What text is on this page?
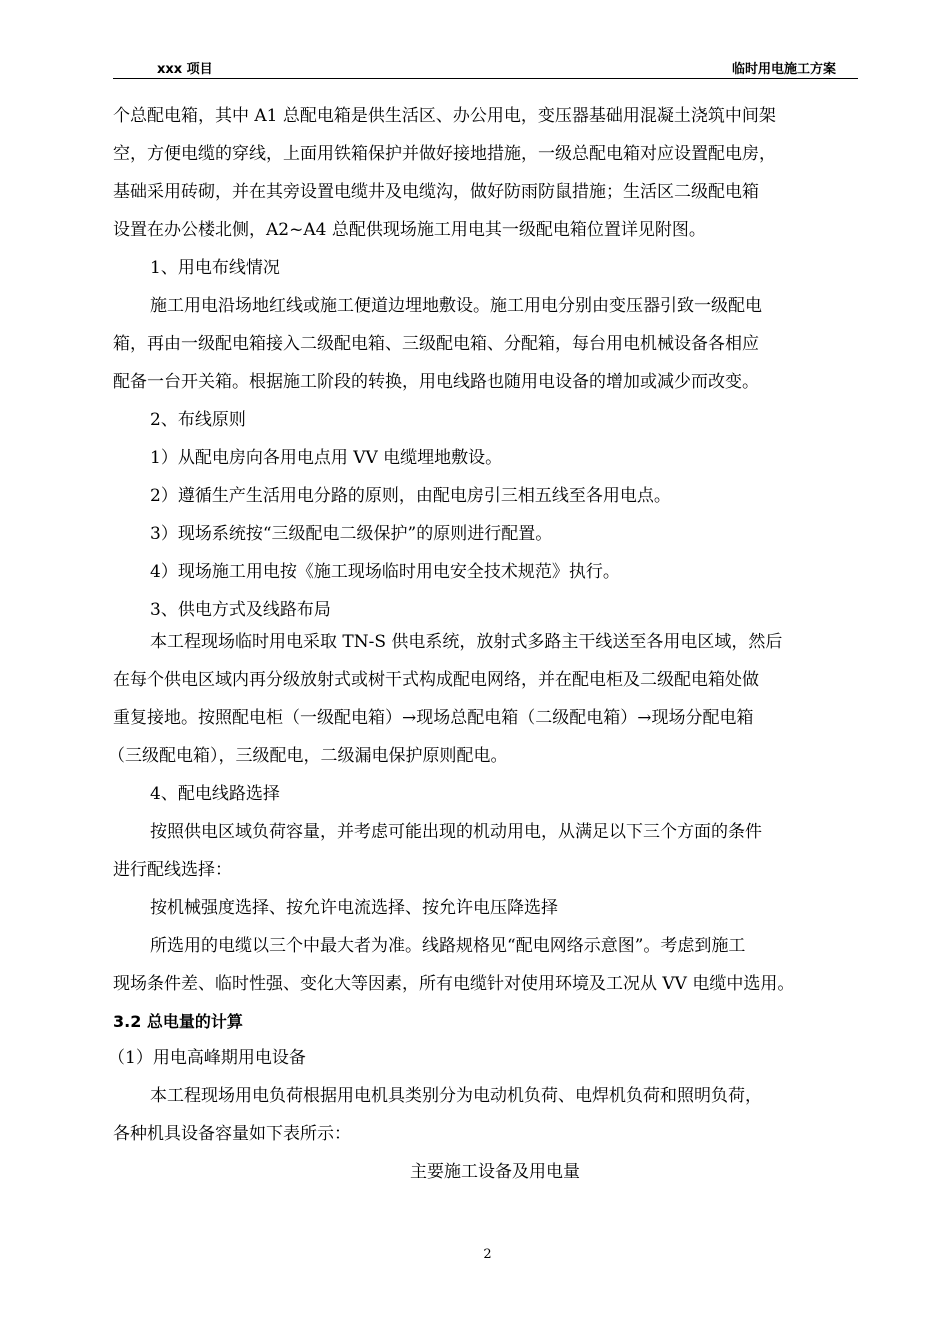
xxx 项目	临时用电施工方案
个总配电箱，其中 A1 总配电箱是供生活区、办公用电，变压器基础用混凝土浇筑中间架
空，方便电缆的穿线，上面用铁箱保护并做好接地措施，一级总配电箱对应设置配电房，
基础采用砖砌，并在其旁设置电缆井及电缆沟，做好防雨防鼠措施；生活区二级配电箱
设置在办公楼北侧，A2~A4 总配供现场施工用电其一级配电箱位置详见附图。
1、用电布线情况
施工用电沿场地红线或施工便道边埋地敷设。施工用电分别由变压器引致一级配电
箱，再由一级配电箱接入二级配电箱、三级配电箱、分配箱，每台用电机械设备各相应
配备一台开关箱。根据施工阶段的转换，用电线路也随用电设备的增加或减少而改变。
2、布线原则
1）从配电房向各用电点用 VV 电缆埋地敷设。
2）遵循生产生活用电分路的原则，由配电房引三相五线至各用电点。
3）现场系统按“三级配电二级保护”的原则进行配置。
4）现场施工用电按《施工现场临时用电安全技术规范》执行。
3、供电方式及线路布局
本工程现场临时用电采取 TN-S 供电系统，放射式多路主干线送至各用电区域，然后
在每个供电区域内再分级放射式或树干式构成配电网络，并在配电柜及二级配电箱处做
重复接地。按照配电柜（一级配电箱）→现场总配电箱（二级配电箱）→现场分配电箱
（三级配电箱），三级配电，二级漏电保护原则配电。
4、配电线路选择
按照供电区域负荷容量，并考虑可能出现的机动用电，从满足以下三个方面的条件
进行配线选择：
按机械强度选择、按允许电流选择、按允许电压降选择
所选用的电缆以三个中最大者为准。线路规格见“配电网络示意图”。考虑到施工
现场条件差、临时性强、变化大等因素，所有电缆针对使用环境及工况从 VV 电缆中选用。
3.2 总电量的计算
（1）用电高峰期用电设备
本工程现场用电负荷根据用电机具类别分为电动机负荷、电焊机负荷和照明负荷，
各种机具设备容量如下表所示：
主要施工设备及用电量
2
